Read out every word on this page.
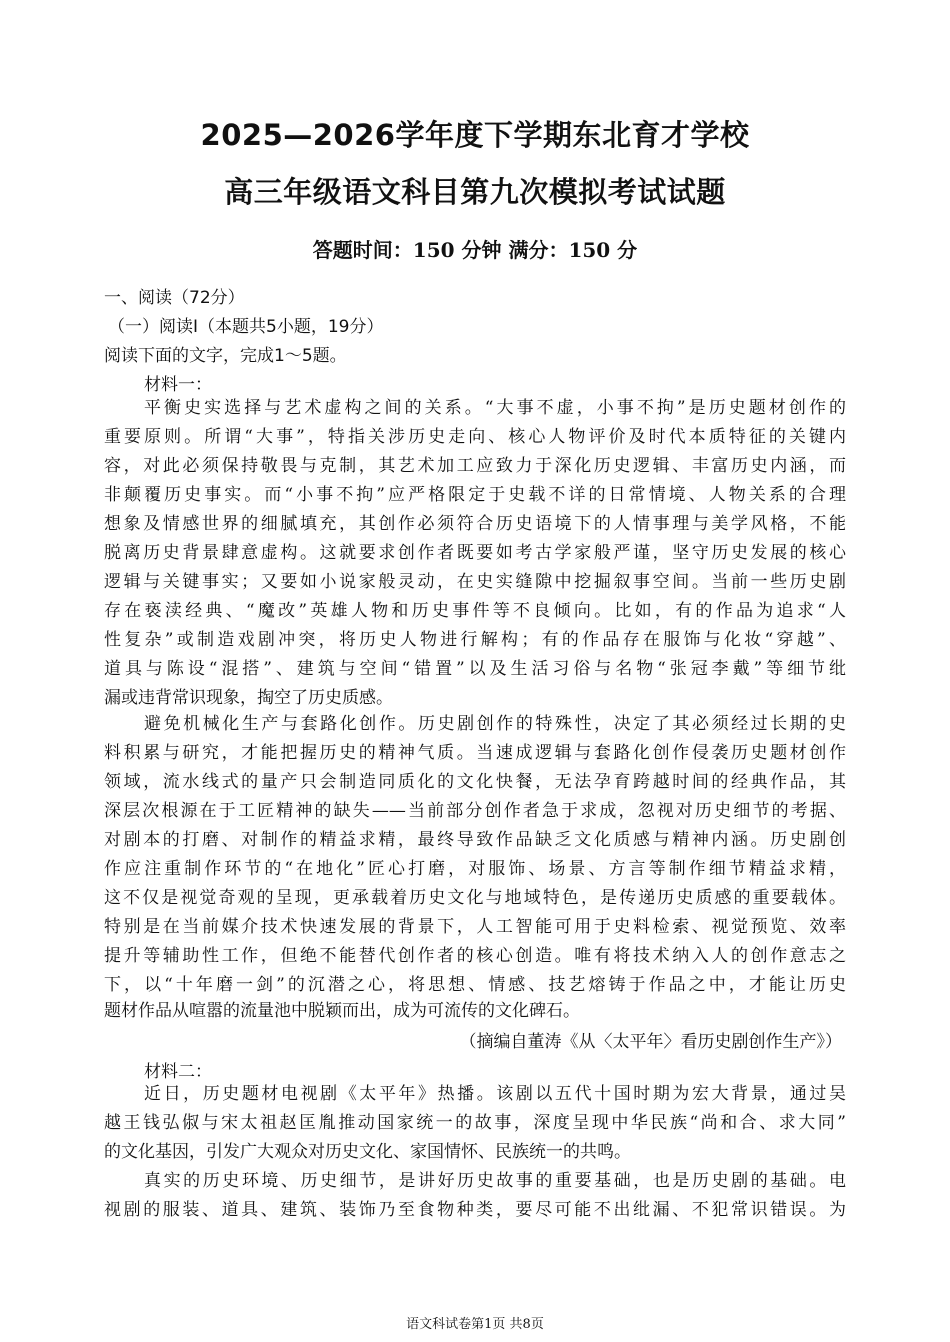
2025—2026学年度下学期东北育才学校
高三年级语文科目第九次模拟考试试题
答题时间：150 分钟 满分：150 分
一、阅读（72分）
（一）阅读Ⅰ（本题共5小题，19分）
阅读下面的文字，完成1～5题。
材料一：
平衡史实选择与艺术虚构之间的关系。“大事不虚，小事不拘”是历史题材创作的
重要原则。所谓“大事”，特指关涉历史走向、核心人物评价及时代本质特征的关键内
容，对此必须保持敬畏与克制，其艺术加工应致力于深化历史逻辑、丰富历史内涵，而
非颠覆历史事实。而“小事不拘”应严格限定于史载不详的日常情境、人物关系的合理
想象及情感世界的细腻填充，其创作必须符合历史语境下的人情事理与美学风格，不能
脱离历史背景肆意虚构。这就要求创作者既要如考古学家般严谨，坚守历史发展的核心
逻辑与关键事实；又要如小说家般灵动，在史实缝隙中挖掘叙事空间。当前一些历史剧
存在亵渎经典、“魔改”英雄人物和历史事件等不良倾向。比如，有的作品为追求“人
性复杂”或制造戏剧冲突，将历史人物进行解构；有的作品存在服饰与化妆“穿越”、
道具与陈设“混搭”、建筑与空间“错置”以及生活习俗与名物“张冠李戴”等细节纰
漏或违背常识现象，掏空了历史质感。
避免机械化生产与套路化创作。历史剧创作的特殊性，决定了其必须经过长期的史
料积累与研究，才能把握历史的精神气质。当速成逻辑与套路化创作侵袭历史题材创作
领域，流水线式的量产只会制造同质化的文化快餐，无法孕育跨越时间的经典作品，其
深层次根源在于工匠精神的缺失——当前部分创作者急于求成，忽视对历史细节的考据、
对剧本的打磨、对制作的精益求精，最终导致作品缺乏文化质感与精神内涵。历史剧创
作应注重制作环节的“在地化”匠心打磨，对服饰、场景、方言等制作细节精益求精，
这不仅是视觉奇观的呈现，更承载着历史文化与地域特色，是传递历史质感的重要载体。
特别是在当前媒介技术快速发展的背景下，人工智能可用于史料检索、视觉预览、效率
提升等辅助性工作，但绝不能替代创作者的核心创造。唯有将技术纳入人的创作意志之
下，以“十年磨一剑”的沉潜之心，将思想、情感、技艺熔铸于作品之中，才能让历史
题材作品从喧嚣的流量池中脱颖而出，成为可流传的文化碑石。
（摘编自董涛《从〈太平年〉看历史剧创作生产》）
材料二：
近日，历史题材电视剧《太平年》热播。该剧以五代十国时期为宏大背景，通过吴
越王钱弘俶与宋太祖赵匡胤推动国家统一的故事，深度呈现中华民族“尚和合、求大同”
的文化基因，引发广大观众对历史文化、家国情怀、民族统一的共鸣。
真实的历史环境、历史细节，是讲好历史故事的重要基础，也是历史剧的基础。电
视剧的服装、道具、建筑、装饰乃至食物种类，要尽可能不出纰漏、不犯常识错误。为
语文科试卷第1页 共8页
